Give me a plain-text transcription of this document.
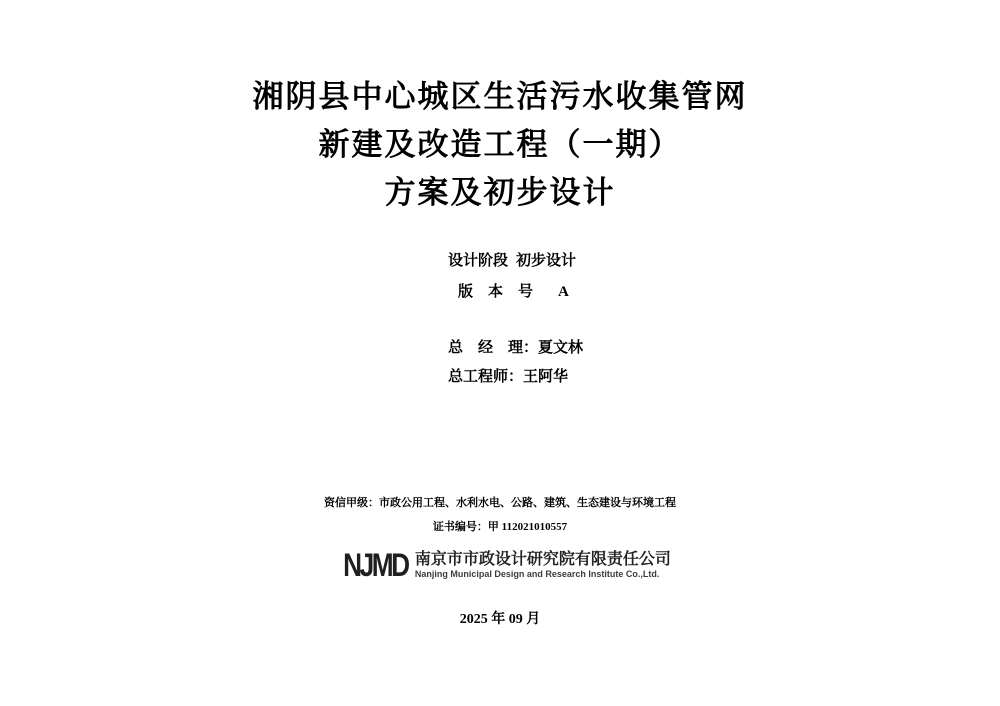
湘阴县中心城区生活污水收集管网
新建及改造工程（一期）
方案及初步设计
设计阶段 初步设计
版　本　号 A
总　经　理：夏文林
总工程师：王阿华
资信甲级：市政公用工程、水利水电、公路、建筑、生态建设与环境工程
证书编号：甲 112021010557
NJMD 南京市市政设计研究院有限责任公司
Nanjing Municipal Design and Research Institute Co.,Ltd.
2025 年 09 月
